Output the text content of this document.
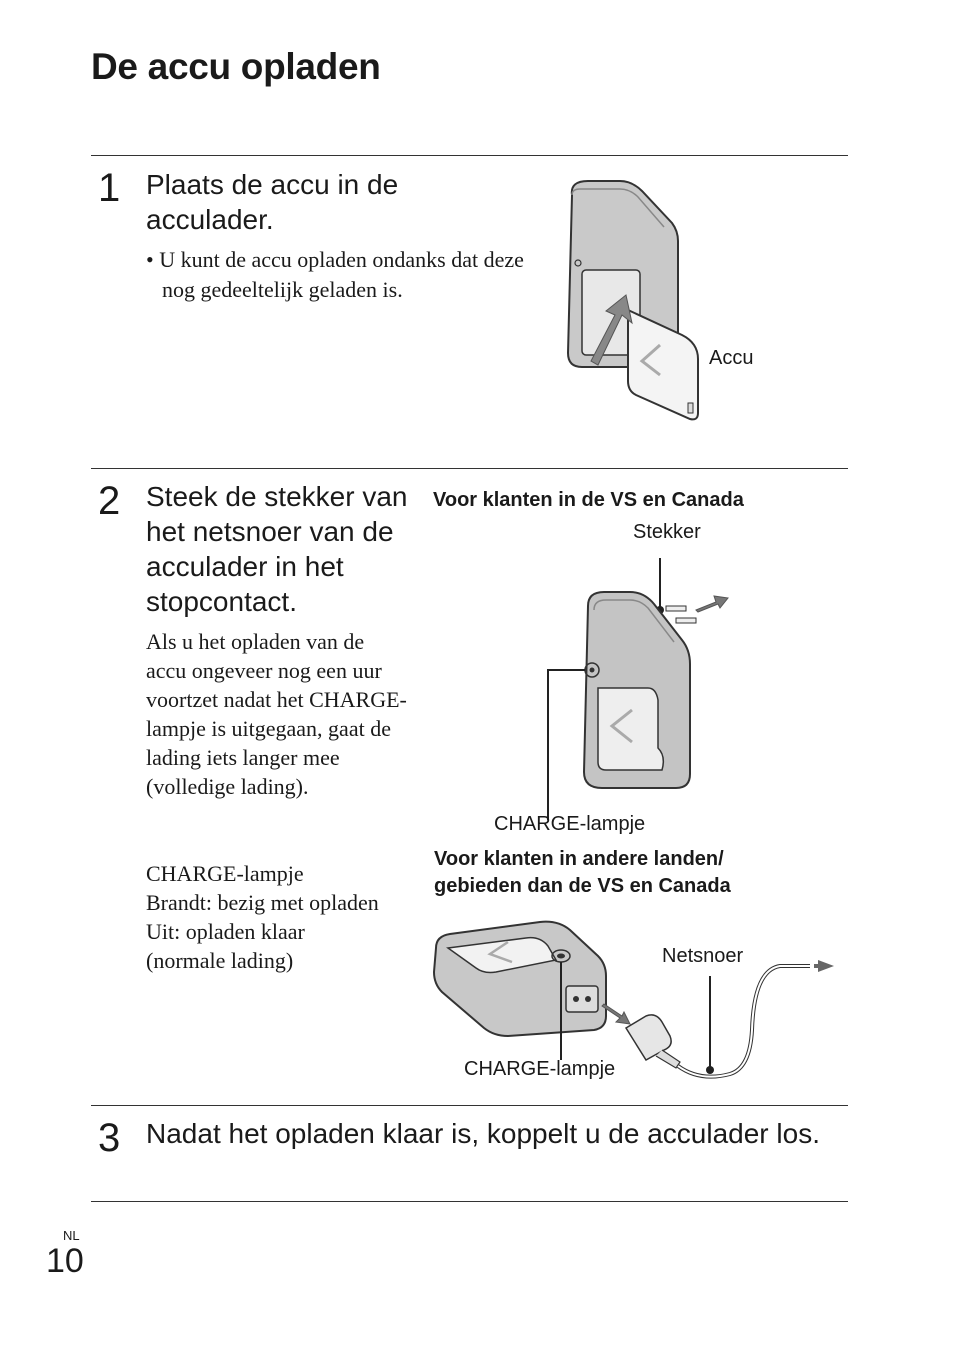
De accu opladen
1 Plaats de accu in de acculader.
• U kunt de accu opladen ondanks dat deze nog gedeeltelijk geladen is.
Accu
2 Steek de stekker van het netsnoer van de acculader in het stopcontact.
Als u het opladen van de accu ongeveer nog een uur voortzet nadat het CHARGE-lampje is uitgegaan, gaat de lading iets langer mee (volledige lading).
CHARGE-lampje
Brandt: bezig met opladen
Uit: opladen klaar (normale lading)
Voor klanten in de VS en Canada
Stekker
CHARGE-lampje
Voor klanten in andere landen/ gebieden dan de VS en Canada
Netsnoer
CHARGE-lampje
3 Nadat het opladen klaar is, koppelt u de acculader los.
NL
10
